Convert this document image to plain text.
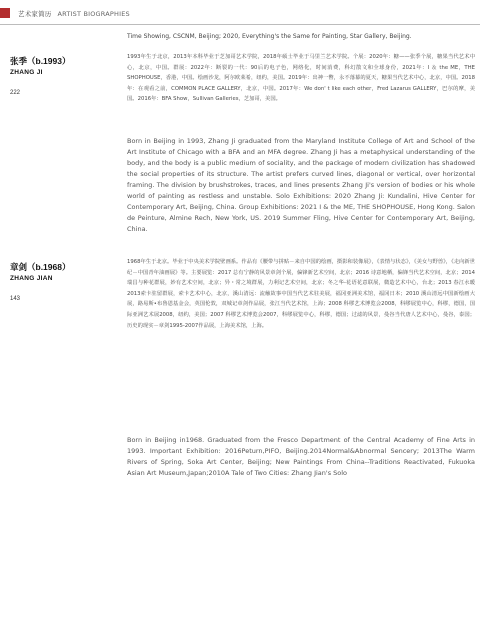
艺术家简历 ARTIST BIOGRAPHIES
Time Showing, CSCNM, Beijing; 2020, Everything's the Same for Painting, Star Gallery, Beijing.
张季（b.1993）
ZHANG JI
222
1993年生于北京，2013年本科毕业于芝加哥艺术学院，2018年硕士毕业于马里兰艺术学院。个展：2020年：糖——张季个展，糖果当代艺术中心，北京，中国。群展：2022年：断裂的一代：90后的电子色，网络化，时间消费，科幻散文和全球身份，2021年：I ＆ the ME，THE SHOPHOUSE，香港，中国。绘画沙龙，阿尔欧莱希，纽约，美国。2019年：出神一瞥，永不落幕的夏天，糖果当代艺术中心，北京，中国。2018年：在观看之前，COMMON PLACE GALLERY，北京，中国。2017年：We don' t like each other，Fred Lazarus GALLERY，巴尔的摩，美国。2016年：BFA Show，Sullivan Galleries，芝加哥，美国。
Born in Beijing in 1993, Zhang Ji graduated from the Maryland Institute College of Art and School of the Art Institute of Chicago with a BFA and an MFA degree. Zhang Ji has a metaphysical understanding of the body, and the body is a public medium of sociality, and the package of modern civilization has shadowed the social properties of its structure. The artist prefers curved lines, diagonal or vertical, over horizontal framing. The division by brushstrokes, traces, and lines presents Zhang Ji's version of bodies or his whole world of painting as restless and unstable. Solo Exhibitions: 2020 Zhang Ji: Kundalini, Hive Center for Contemporary Art, Beijing, China. Group Exhibitions: 2021 I & the ME, THE SHOPHOUSE, Hong Kong. Salon de Peinture, Almine Rech, New York, US. 2019 Summer Fling, Hive Center for Contemporary Art, Beijing, China.
章剑（b.1968）
ZHANG JIAN
143
1968年生于北京。毕业于中央美术学院壁画系。作品有《腰带与拼贴－来自中国的绘画，摄影和装像展》，《表情与状态》，《美女与野兽》，《走向新世纪－中国青年油画展》等。主要展览：2017 总有宁静的风景章剑个展，偏锋新艺术空间，北京；2016 诗意地栖，偏锋当代艺术空间，北京；2014 瑞昌与种花群展，妙有艺术空间，北京；异・常之境群展，力利记艺术空间，北京；冬之华-花语花意联展，微造艺术中心，台北；2013 春江水暖2013索卡驻留群展，索卡艺术中心，北京，溪山清远：流触故事中国当代艺术驻美展，福冈亚洲美术馆，福冈日本；2010 溪山清远中国新绘画大展，路易斯•布鲁恩基金会，英国伦敦，双城记章剑作品展，张江当代艺术馆，上海；2008 科缪艺术博览会2008，科缪展览中心，科缪，德国，国际亚洲艺术展2008，纽约，美国；2007 科缪艺术博览会2007，科缪展览中心，科缪，德国；过滤的风景，曼谷当代唐人艺术中心，曼谷，泰国；历史的现实－章剑1995-2007作品展，上海美术馆，上海。
Born in Beijing in1968. Graduated from the Fresco Department of the Central Academy of Fine Arts in 1993. Important Exhibition: 2016Peturn,PIFO, Beijing.2014Normal&Abnormal Sencery; 2013The Warm Rivers of Spring, Soka Art Center, Beijing; New Paintings From China--Traditions Reactivated, Fukuoka Asian Art Museum,Japan;2010A Tale of Two Cities: Zhang Jian's Solo
